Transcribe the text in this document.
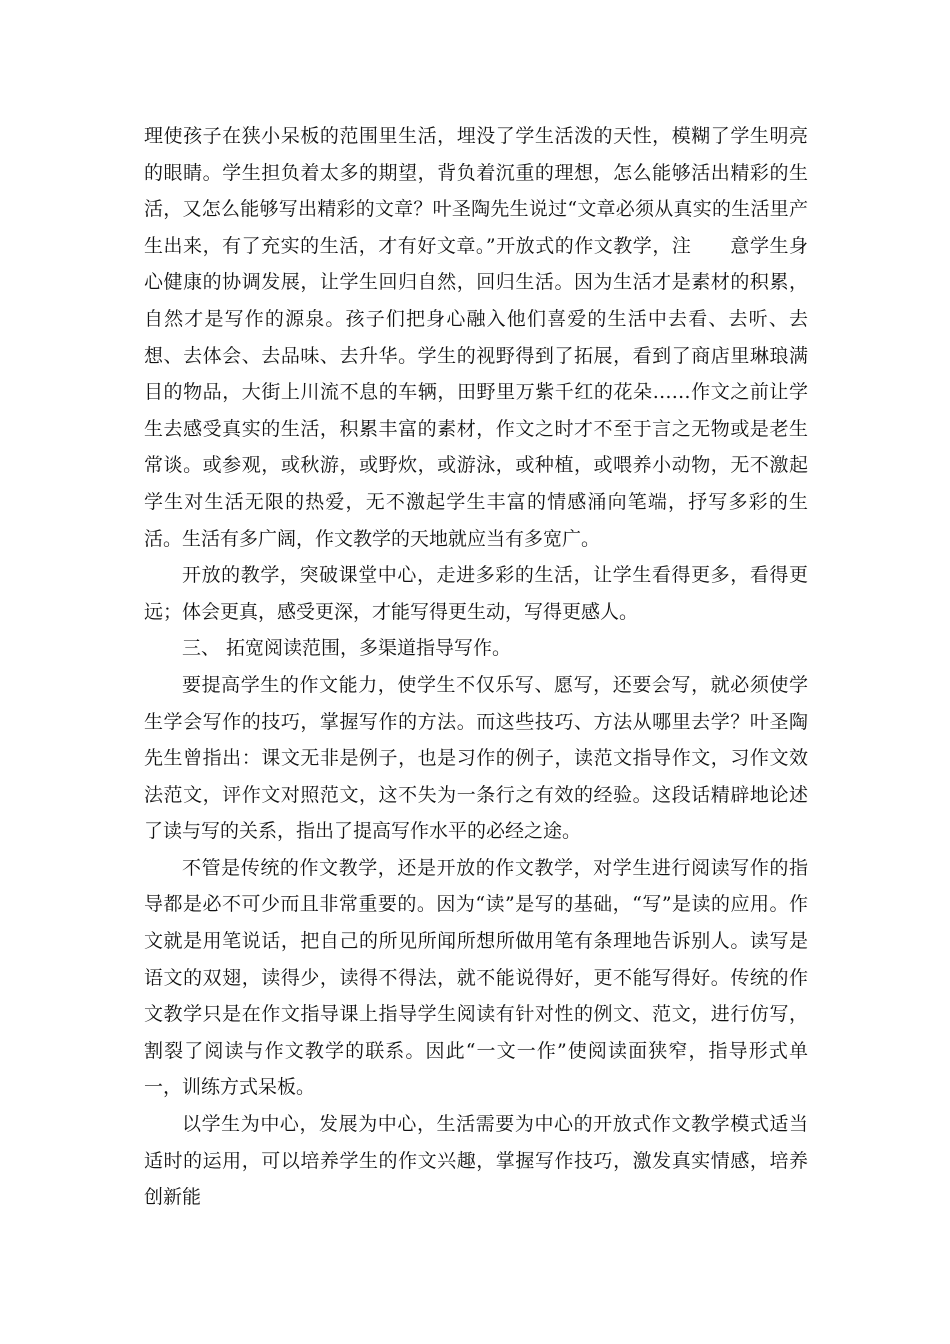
理使孩子在狭小呆板的范围里生活，埋没了学生活泼的天性，模糊了学生明亮的眼睛。学生担负着太多的期望，背负着沉重的理想，怎么能够活出精彩的生活，又怎么能够写出精彩的文章？叶圣陶先生说过“文章必须从真实的生活里产生出来，有了充实的生活，才有好文章。”开放式的作文教学，注　　意学生身心健康的协调发展，让学生回归自然，回归生活。因为生活才是素材的积累，自然才是写作的源泉。孩子们把身心融入他们喜爱的生活中去看、去听、去想、去体会、去品味、去升华。学生的视野得到了拓展，看到了商店里琳琅满目的物品，大街上川流不息的车辆，田野里万紫千红的花朵……作文之前让学生去感受真实的生活，积累丰富的素材，作文之时才不至于言之无物或是老生常谈。或参观，或秋游，或野炊，或游泳，或种植，或喂养小动物，无不激起学生对生活无限的热爱，无不激起学生丰富的情感涌向笔端，抒写多彩的生活。生活有多广阔，作文教学的天地就应当有多宽广。

开放的教学，突破课堂中心，走进多彩的生活，让学生看得更多，看得更远；体会更真，感受更深，才能写得更生动，写得更感人。

三、 拓宽阅读范围，多渠道指导写作。

要提高学生的作文能力，使学生不仅乐写、愿写，还要会写，就必须使学生学会写作的技巧，掌握写作的方法。而这些技巧、方法从哪里去学？叶圣陶先生曾指出：课文无非是例子，也是习作的例子，读范文指导作文，习作文效法范文，评作文对照范文，这不失为一条行之有效的经验。这段话精辟地论述了读与写的关系，指出了提高写作水平的必经之途。

不管是传统的作文教学，还是开放的作文教学，对学生进行阅读写作的指导都是必不可少而且非常重要的。因为“读”是写的基础，“写”是读的应用。作文就是用笔说话，把自己的所见所闻所想所做用笔有条理地告诉别人。读写是语文的双翅，读得少，读得不得法，就不能说得好，更不能写得好。传统的作文教学只是在作文指导课上指导学生阅读有针对性的例文、范文，进行仿写，割裂了阅读与作文教学的联系。因此“一文一作”使阅读面狭窄，指导形式单一，训练方式呆板。

以学生为中心，发展为中心，生活需要为中心的开放式作文教学模式适当适时的运用，可以培养学生的作文兴趣，掌握写作技巧，激发真实情感，培养创新能
